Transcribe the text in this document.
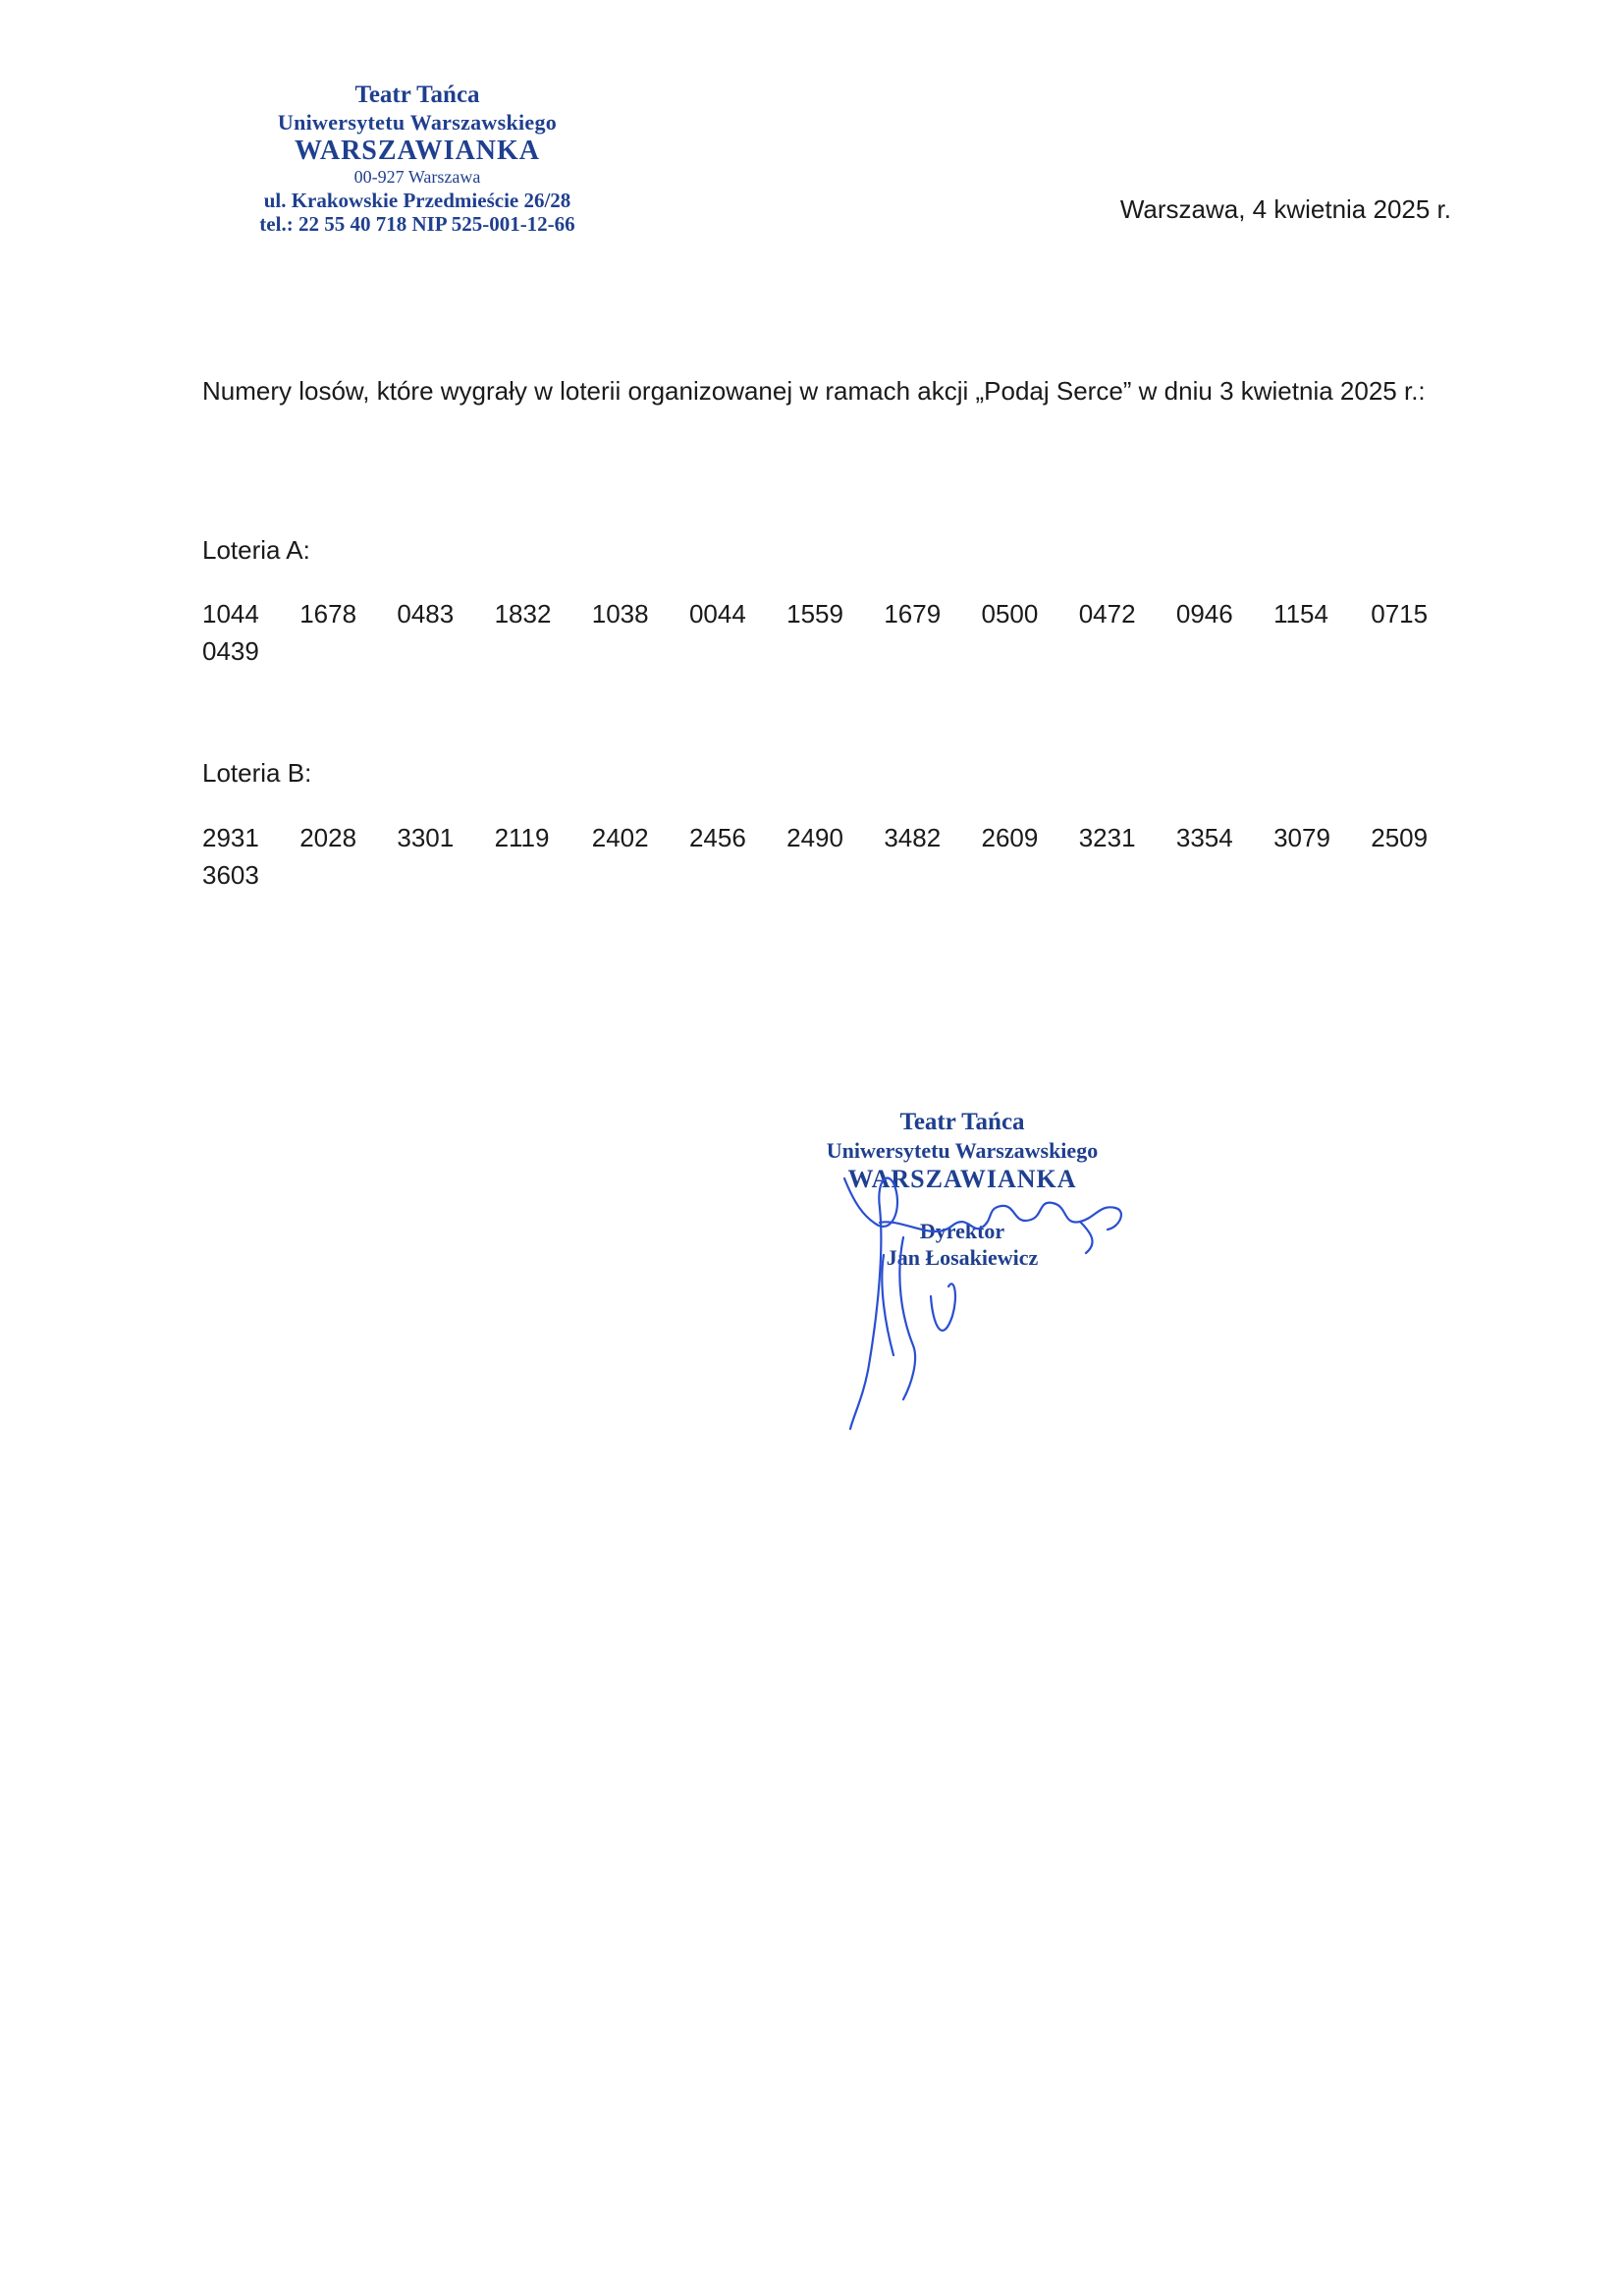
Teatr Tańca
Uniwersytetu Warszawskiego
WARSZAWIANKA
00-927 Warszawa
ul. Krakowskie Przedmieście 26/28
tel.: 22 55 40 718 NIP 525-001-12-66
Warszawa, 4 kwietnia 2025 r.
Numery losów, które wygrały w loterii organizowanej w ramach akcji „Podaj Serce” w dniu 3 kwietnia 2025 r.:
Loteria A:
1044 1678 0483 1832 1038 0044 1559 1679 0500 0472 0946 1154 07150439
Loteria B:
2931 2028 3301 2119 2402 2456 2490 3482 2609 3231 3354 3079 25093603
Teatr Tańca
Uniwersytetu Warszawskiego
WARSZAWIANKA
Dyrektor
Jan Łosakiewicz
